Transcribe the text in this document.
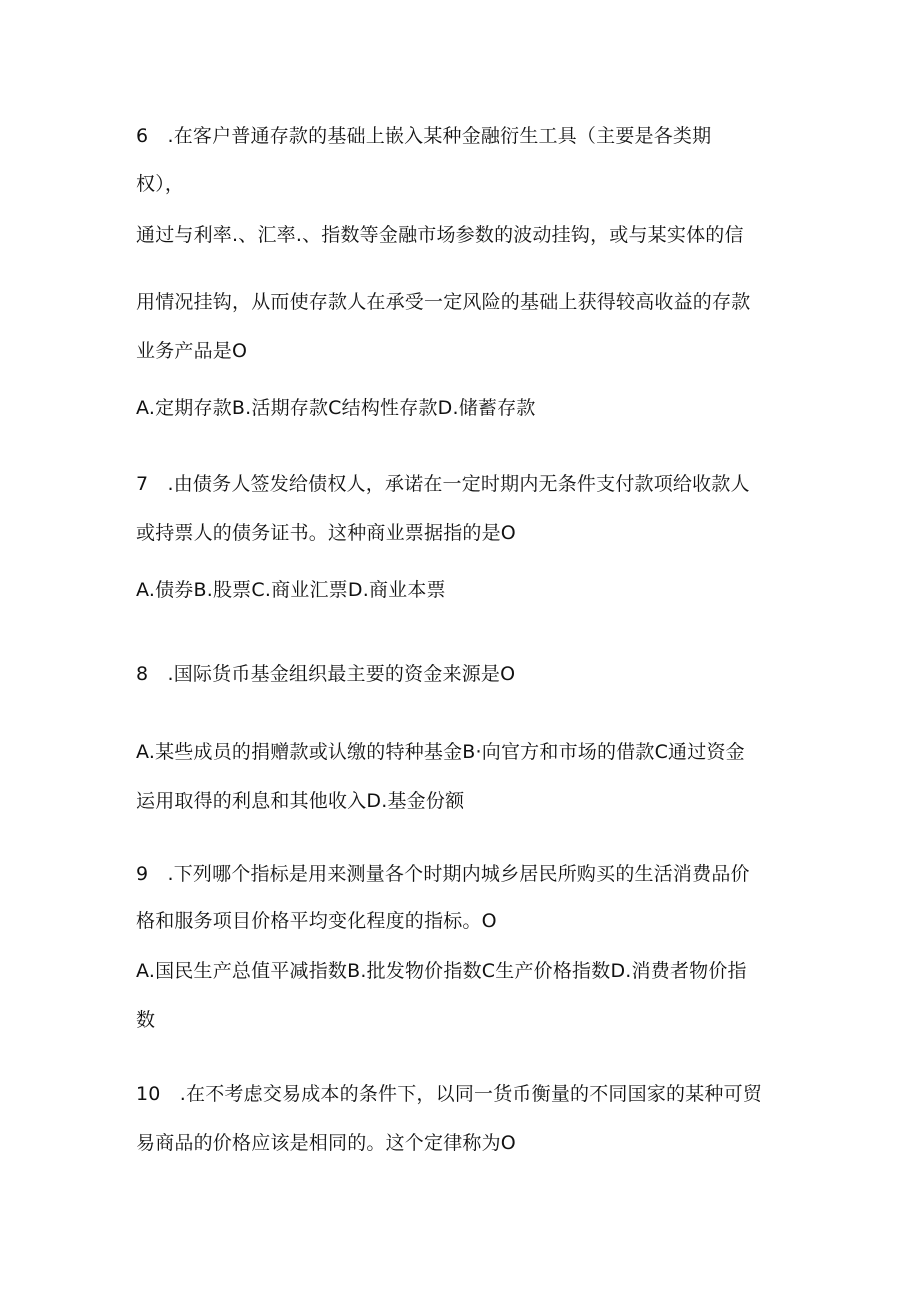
6　.在客户普通存款的基础上嵌入某种金融衍生工具（主要是各类期
权），
通过与利率.、汇率.、指数等金融市场参数的波动挂钩，或与某实体的信
用情况挂钩，从而使存款人在承受一定风险的基础上获得较高收益的存款
业务产品是O
A.定期存款B.活期存款C结构性存款D.储蓄存款
7　.由债务人签发给债权人，承诺在一定时期内无条件支付款项给收款人
或持票人的债务证书。这种商业票据指的是O
A.债券B.股票C.商业汇票D.商业本票
8　.国际货币基金组织最主要的资金来源是O
A.某些成员的捐赠款或认缴的特种基金B·向官方和市场的借款C通过资金
运用取得的利息和其他收入D.基金份额
9　.下列哪个指标是用来测量各个时期内城乡居民所购买的生活消费品价
格和服务项目价格平均变化程度的指标。O
A.国民生产总值平减指数B.批发物价指数C生产价格指数D.消费者物价指
数
10　.在不考虑交易成本的条件下，以同一货币衡量的不同国家的某种可贸
易商品的价格应该是相同的。这个定律称为O
